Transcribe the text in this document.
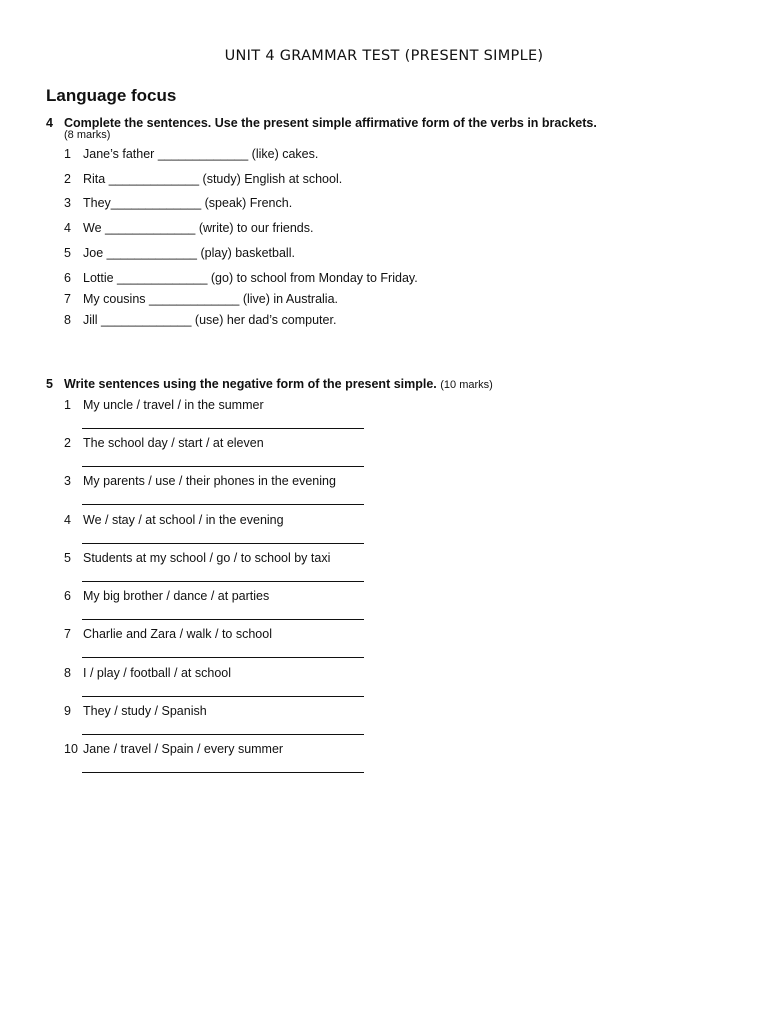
UNIT 4 GRAMMAR TEST (PRESENT SIMPLE)
Language focus
4 Complete the sentences. Use the present simple affirmative form of the verbs in brackets.
(8 marks)
1 Jane’s father _____________ (like) cakes.
2 Rita _____________ (study) English at school.
3 They_____________ (speak) French.
4 We _____________ (write) to our friends.
5 Joe _____________ (play) basketball.
6 Lottie _____________ (go) to school from Monday to Friday.
7 My cousins _____________ (live) in Australia.
8 Jill _____________ (use) her dad’s computer.
5 Write sentences using the negative form of the present simple. (10 marks)
1 My uncle / travel / in the summer
2 The school day / start / at eleven
3 My parents / use / their phones in the evening
4 We / stay / at school / in the evening
5 Students at my school / go / to school by taxi
6 My big brother / dance / at parties
7 Charlie and Zara / walk / to school
8 I / play / football / at school
9 They / study / Spanish
10 Jane / travel / Spain / every summer
